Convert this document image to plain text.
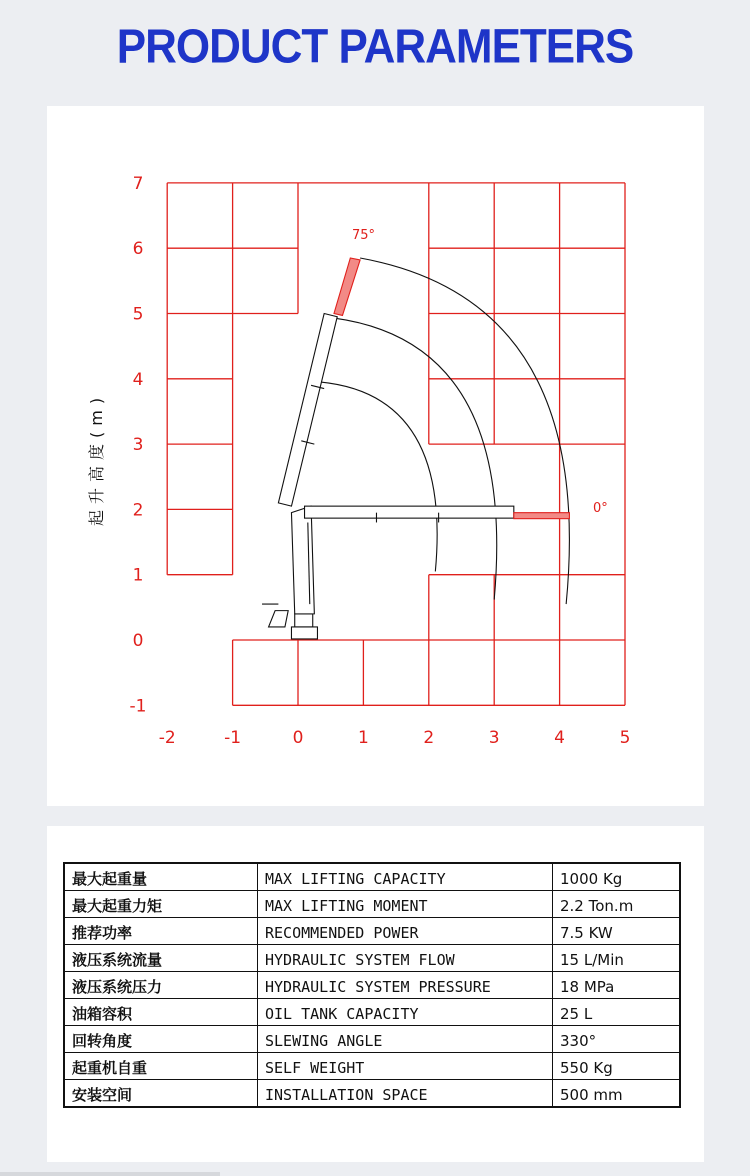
PRODUCT PARAMETERS
-2	-1	0	1	2	3	4	5
7
6
5
4
3
2
1
0
-1
75°
0°
起升高度(m)
最大起重量	MAX LIFTING CAPACITY	1000 Kg
最大起重力矩	MAX LIFTING MOMENT	2.2 Ton.m
推荐功率	RECOMMENDED POWER	7.5 KW
液压系统流量	HYDRAULIC SYSTEM FLOW	15 L/Min
液压系统压力	HYDRAULIC SYSTEM PRESSURE	18 MPa
油箱容积	OIL TANK CAPACITY	25 L
回转角度	SLEWING ANGLE	330°
起重机自重	SELF WEIGHT	550 Kg
安装空间	INSTALLATION SPACE	500 mm
